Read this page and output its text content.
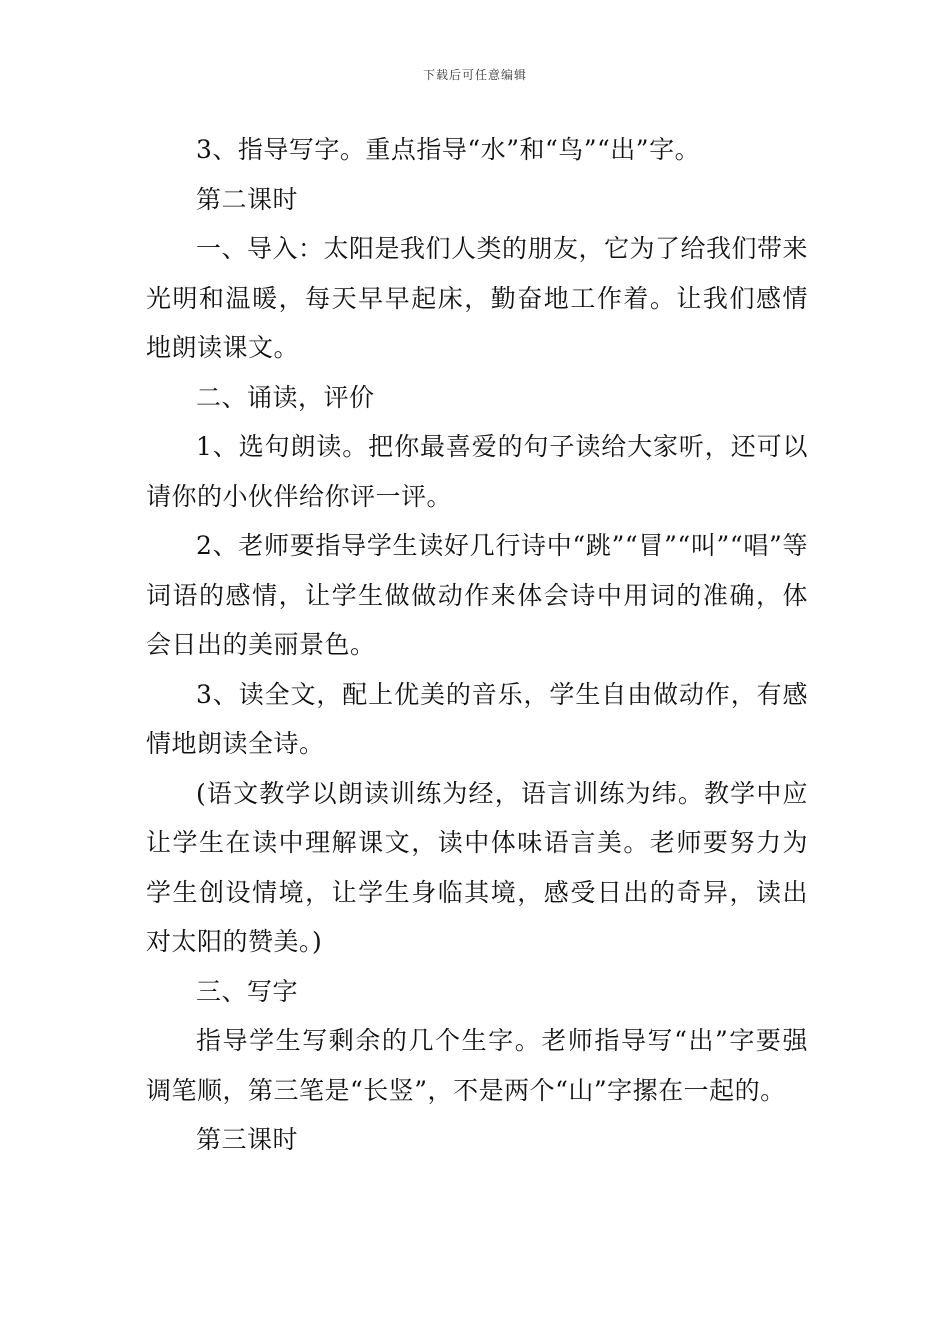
下载后可任意编辑

3、指导写字。重点指导“水”和“鸟”“出”字。

第二课时

一、导入：太阳是我们人类的朋友，它为了给我们带来光明和温暖，每天早早起床，勤奋地工作着。让我们感情地朗读课文。

二、诵读，评价

1、选句朗读。把你最喜爱的句子读给大家听，还可以请你的小伙伴给你评一评。

2、老师要指导学生读好几行诗中“跳”“冒”“叫”“唱”等词语的感情，让学生做做动作来体会诗中用词的准确，体会日出的美丽景色。

3、读全文，配上优美的音乐，学生自由做动作，有感情地朗读全诗。

(语文教学以朗读训练为经，语言训练为纬。教学中应让学生在读中理解课文，读中体味语言美。老师要努力为学生创设情境，让学生身临其境，感受日出的奇异，读出对太阳的赞美。)

三、写字

指导学生写剩余的几个生字。老师指导写“出”字要强调笔顺，第三笔是“长竖”，不是两个“山”字摞在一起的。

第三课时
